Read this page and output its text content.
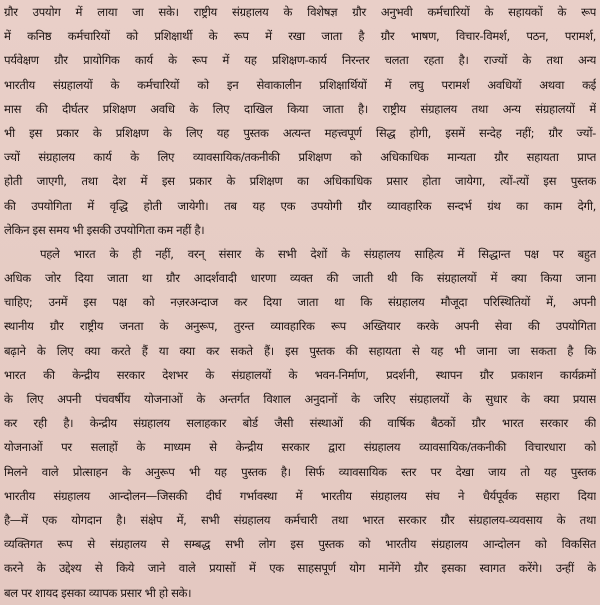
ग्रौर उपयोग में लाया जा सके। राष्ट्रीय संग्रहालय के विशेषज्ञ ग्रौर अनुभवी कर्मचारियों के सहायकों के रूप
में कनिष्ठ कर्मचारियों को प्रशिक्षार्थी के रूप में रखा जाता है ग्रौर भाषण, विचार-विमर्श, पठन, परामर्श,
पर्यवेक्षण ग्रौर प्रायोगिक कार्य के रूप में यह प्रशिक्षण-कार्य निरन्तर चलता रहता है। राज्यों के तथा अन्य
भारतीय संग्रहालयों के कर्मचारियों को इन सेवाकालीन प्रशिक्षार्थियों में लघु परामर्श अवधियों अथवा कई
मास की दीर्घतर प्रशिक्षण अवधि के लिए दाखिल किया जाता है। राष्ट्रीय संग्रहालय तथा अन्य संग्रहालयों में
भी इस प्रकार के प्रशिक्षण के लिए यह पुस्तक अत्यन्त महत्त्वपूर्ण सिद्ध होगी, इसमें सन्देह नहीं; ग्रौर ज्यों-
ज्यों संग्रहालय कार्य के लिए व्यावसायिक/तकनीकी प्रशिक्षण को अधिकाधिक मान्यता ग्रौर सहायता प्राप्त
होती जाएगी, तथा देश में इस प्रकार के प्रशिक्षण का अधिकाधिक प्रसार होता जायेगा, त्यों-त्यों इस पुस्तक
की उपयोगिता में वृद्धि होती जायेगी। तब यह एक उपयोगी ग्रौर व्यावहारिक सन्दर्भ ग्रंथ का काम देगी,
लेकिन इस समय भी इसकी उपयोगिता कम नहीं है।
पहले भारत के ही नहीं, वरन् संसार के सभी देशों के संग्रहालय साहित्य में सिद्धान्त पक्ष पर बहुत
अधिक जोर दिया जाता था ग्रौर आदर्शवादी धारणा व्यक्त की जाती थी कि संग्रहालयों में क्या किया जाना
चाहिए; उनमें इस पक्ष को नज़रअन्दाज कर दिया जाता था कि संग्रहालय मौजूदा परिस्थितियों में, अपनी
स्थानीय ग्रौर राष्ट्रीय जनता के अनुरूप, तुरन्त व्यावहारिक रूप अख्तियार करके अपनी सेवा की उपयोगिता
बढ़ाने के लिए क्या करते हैं या क्या कर सकते हैं। इस पुस्तक की सहायता से यह भी जाना जा सकता है कि
भारत की केन्द्रीय सरकार देशभर के संग्रहालयों के भवन-निर्माण, प्रदर्शनी, स्थापन ग्रौर प्रकाशन कार्यक्रमों
के लिए अपनी पंचवर्षीय योजनाओं के अन्तर्गत विशाल अनुदानों के जरिए संग्रहालयों के सुधार के क्या प्रयास
कर रही है। केन्द्रीय संग्रहालय सलाहकार बोर्ड जैसी संस्थाओं की वार्षिक बैठकों ग्रौर भारत सरकार की
योजनाओं पर सलाहों के माध्यम से केन्द्रीय सरकार द्वारा संग्रहालय व्यावसायिक/तकनीकी विचारधारा को
मिलने वाले प्रोत्साहन के अनुरूप भी यह पुस्तक है। सिर्फ व्यावसायिक स्तर पर देखा जाय तो यह पुस्तक
भारतीय संग्रहालय आन्दोलन—जिसकी दीर्घ गर्भावस्था में भारतीय संग्रहालय संघ ने धैर्यपूर्वक सहारा दिया
है—में एक योगदान है। संक्षेप में, सभी संग्रहालय कर्मचारी तथा भारत सरकार ग्रौर संग्रहालय-व्यवसाय के तथा
व्यक्तिगत रूप से संग्रहालय से सम्बद्ध सभी लोग इस पुस्तक को भारतीय संग्रहालय आन्दोलन को विकसित
करने के उद्देश्य से किये जाने वाले प्रयासों में एक साहसपूर्ण योग मानेंगे ग्रौर इसका स्वागत करेंगे। उन्हीं के
बल पर शायद इसका व्यापक प्रसार भी हो सके।
